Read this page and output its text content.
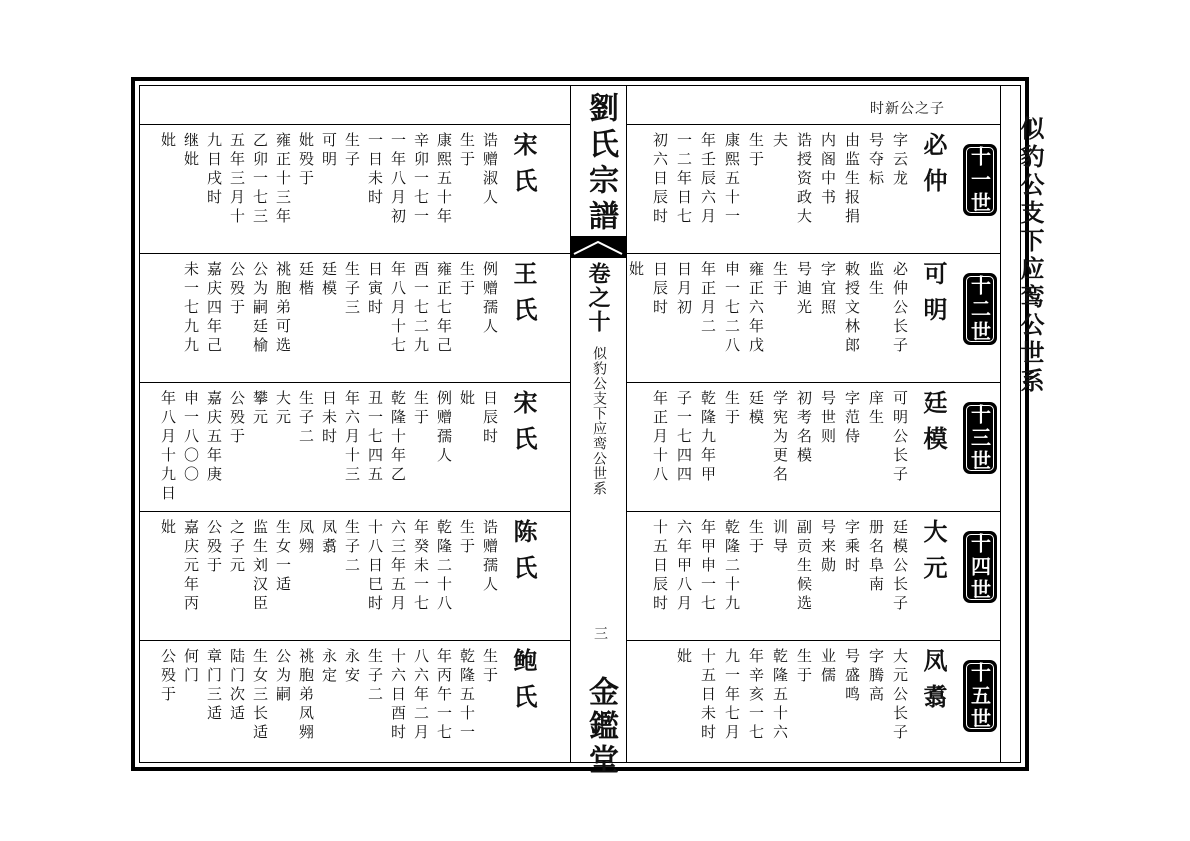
宋氏
诰赠淑人
生于
康熙五十年
辛卯一七一
一年八月初
一日未时
生子
可明
妣殁于
雍正十三年
乙卯一七三
五年三月十
九日戌时
继妣
妣
王氏
例赠孺人
生于
雍正七年己
酉一七二九
年八月十七
日寅时
生子三
廷模
廷楷
祧胞弟可选
公为嗣廷榆
公殁于
嘉庆四年己
未一七九九
宋氏
日辰时
妣
例赠孺人
生于
乾隆十年乙
丑一七四五
年六月十三
日未时
生子二
大元
攀元
公殁于
嘉庆五年庚
申一八〇〇
年八月十九日
陈氏
诰赠孺人
生于
乾隆二十八
年癸未一七
六三年五月
十八日巳时
生子二
凤翥
凤翙
生女一适
监生刘汉臣
之子元
公殁于
嘉庆元年丙
妣
鲍氏
生于
乾隆五十一
年丙午一七
八六年二月
十六日酉时
生子二
永安
永定
祧胞弟凤翙
公为嗣
生女三长适
陆门次适
章门三适
何门
公殁于
劉氏宗譜
卷之十
似豹公支下应鸾公世系
三
金鑑堂
时新公之子
似豹公支下应鸾公世系
十一世
必仲
字云龙
号夺标
由监生报捐
内阁中书
诰授资政大
夫
生于
康熙五十一
年壬辰六月
一二年日七
初六日辰时
十二世
可明
必仲公长子
监生
敕授文林郎
字宜照
号迪光
生于
雍正六年戊
申一七二八
年正月二
日月初
日辰时
妣
十三世
廷模
可明公长子
庠生
字范侍
号世则
初考名模
学宪为更名
廷模
生于
乾隆九年甲
子一七四四
年正月十八
十四世
大元
廷模公长子
册名阜南
字乘时
号来勋
副贡生候选
训导
生于
乾隆二十九
年甲申一七
六年甲八月
十五日辰时
十五世
凤翥
大元公长子
字腾高
号盛鸣
业儒
生于
乾隆五十六
年辛亥一七
九一年七月
十五日未时
妣
